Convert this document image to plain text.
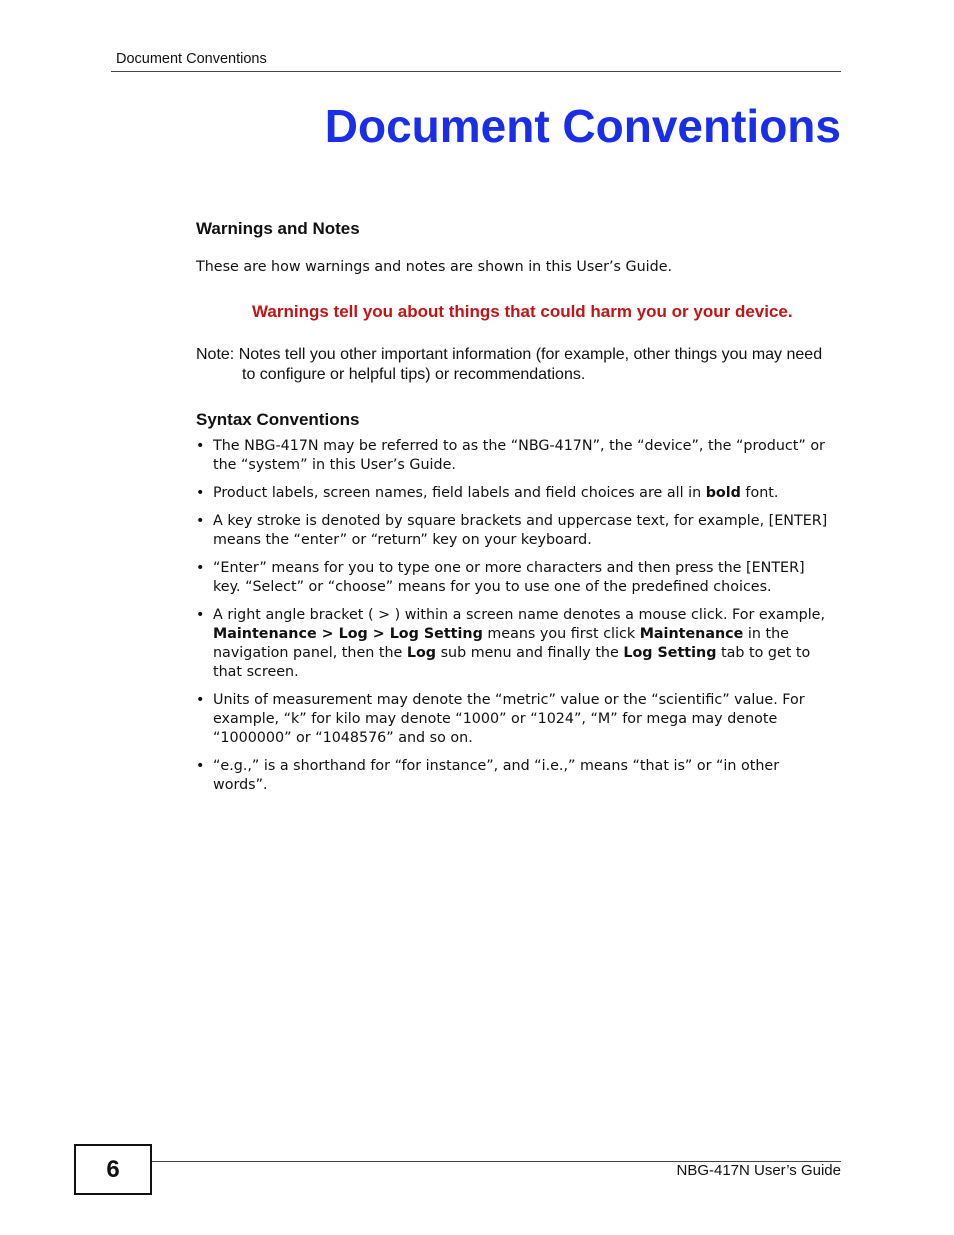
Document Conventions
Document Conventions
Warnings and Notes

These are how warnings and notes are shown in this User’s Guide.

Warnings tell you about things that could harm you or your device.
Note: Notes tell you other important information (for example, other things you may need to configure or helpful tips) or recommendations.
Syntax Conventions
• The NBG-417N may be referred to as the “NBG-417N”, the “device”, the “product” or the “system” in this User’s Guide.
• Product labels, screen names, field labels and field choices are all in bold font.
• A key stroke is denoted by square brackets and uppercase text, for example, [ENTER] means the “enter” or “return” key on your keyboard.
• “Enter” means for you to type one or more characters and then press the [ENTER] key. “Select” or “choose” means for you to use one of the predefined choices.
• A right angle bracket ( > ) within a screen name denotes a mouse click. For example, Maintenance > Log > Log Setting means you first click Maintenance in the navigation panel, then the Log sub menu and finally the Log Setting tab to get to that screen.
• Units of measurement may denote the “metric” value or the “scientific” value. For example, “k” for kilo may denote “1000” or “1024”, “M” for mega may denote “1000000” or “1048576” and so on.
• “e.g.,” is a shorthand for “for instance”, and “i.e.,” means “that is” or “in other words”.
6	NBG-417N User’s Guide
